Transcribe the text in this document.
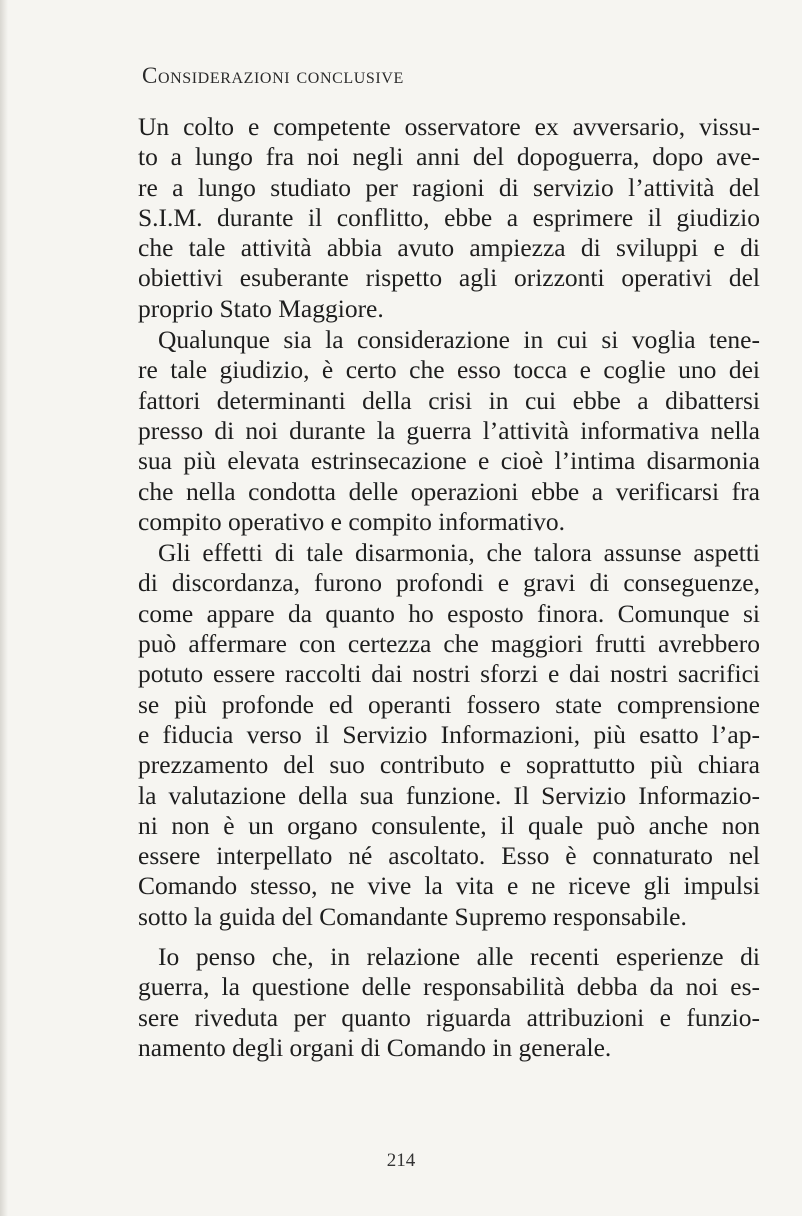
Considerazioni conclusive
Un colto e competente osservatore ex avversario, vissu-
to a lungo fra noi negli anni del dopoguerra, dopo ave-
re a lungo studiato per ragioni di servizio l’attività del
S.I.M. durante il conflitto, ebbe a esprimere il giudizio
che tale attività abbia avuto ampiezza di sviluppi e di
obiettivi esuberante rispetto agli orizzonti operativi del
proprio Stato Maggiore.
Qualunque sia la considerazione in cui si voglia tene-
re tale giudizio, è certo che esso tocca e coglie uno dei
fattori determinanti della crisi in cui ebbe a dibattersi
presso di noi durante la guerra l’attività informativa nella
sua più elevata estrinsecazione e cioè l’intima disarmonia
che nella condotta delle operazioni ebbe a verificarsi fra
compito operativo e compito informativo.
Gli effetti di tale disarmonia, che talora assunse aspetti
di discordanza, furono profondi e gravi di conseguenze,
come appare da quanto ho esposto finora. Comunque si
può affermare con certezza che maggiori frutti avrebbero
potuto essere raccolti dai nostri sforzi e dai nostri sacrifici
se più profonde ed operanti fossero state comprensione
e fiducia verso il Servizio Informazioni, più esatto l’ap-
prezzamento del suo contributo e soprattutto più chiara
la valutazione della sua funzione. Il Servizio Informazio-
ni non è un organo consulente, il quale può anche non
essere interpellato né ascoltato. Esso è connaturato nel
Comando stesso, ne vive la vita e ne riceve gli impulsi
sotto la guida del Comandante Supremo responsabile.
Io penso che, in relazione alle recenti esperienze di
guerra, la questione delle responsabilità debba da noi es-
sere riveduta per quanto riguarda attribuzioni e funzio-
namento degli organi di Comando in generale.
214
